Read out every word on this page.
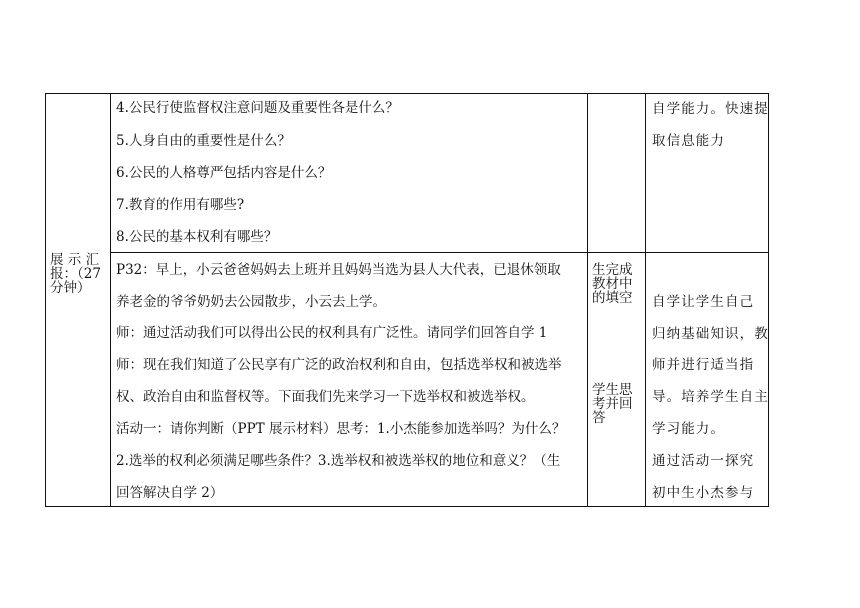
4.公民行使监督权注意问题及重要性各是什么？
5.人身自由的重要性是什么？
6.公民的人格尊严包括内容是什么？
7.教育的作用有哪些?
8.公民的基本权利有哪些？
自学能力。快速提
取信息能力
展 示 汇报：（27分钟）
P32：早上，小云爸爸妈妈去上班并且妈妈当选为县人大代表，已退休领取
养老金的爷爷奶奶去公园散步，小云去上学。
师：通过活动我们可以得出公民的权利具有广泛性。请同学们回答自学 1
师：现在我们知道了公民享有广泛的政治权利和自由，包括选举权和被选举
权、政治自由和监督权等。下面我们先来学习一下选举权和被选举权。
活动一：请你判断（PPT 展示材料）思考：1.小杰能参加选举吗？为什么？
2.选举的权利必须满足哪些条件？3.选举权和被选举权的地位和意义？（生
回答解决自学 2）
生完成教材中的填空
学生思考并回答
自学让学生自己
归纳基础知识，教
师并进行适当指
导。培养学生自主
学习能力。
通过活动一探究
初中生小杰参与
